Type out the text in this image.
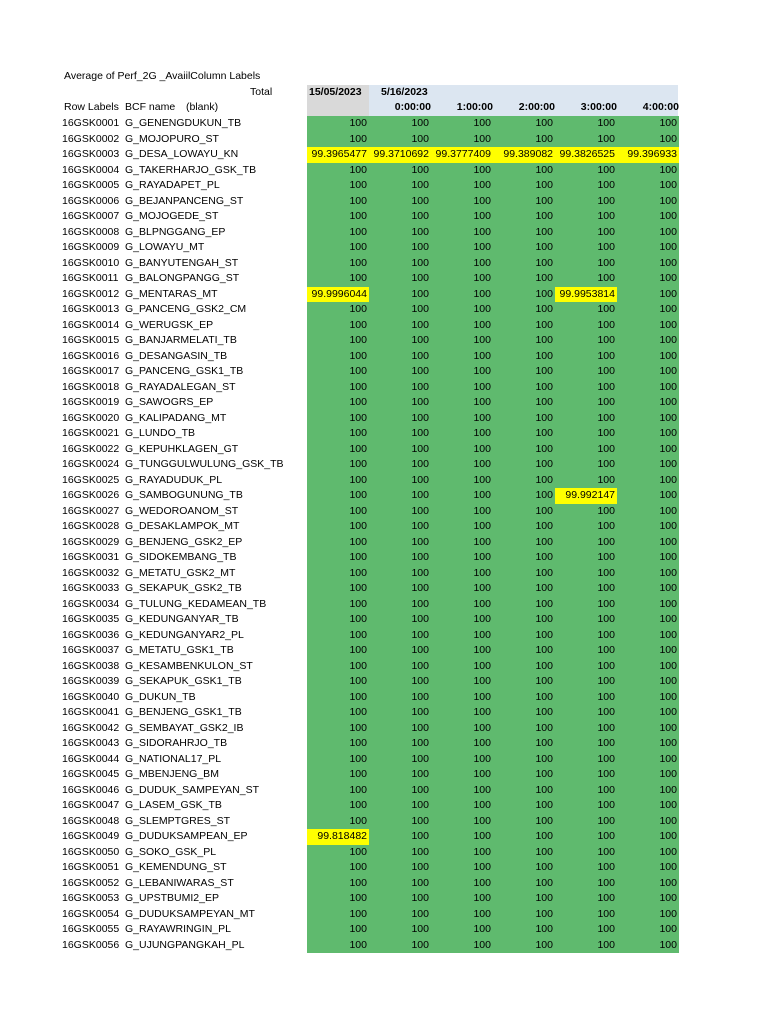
Average of Perf_2G _AvaiilColumn Labels
Total	15/05/2023 5/16/2023
Row Labels BCF name (blank)	0:00:00	1:00:00	2:00:00	3:00:00	4:00:00
16GSK0001 G_GENENGDUKUN_TB	100	100	100	100	100	100
16GSK0002 G_MOJOPURO_ST	100	100	100	100	100	100
16GSK0003 G_DESA_LOWAYU_KN	99.3965477 99.3710692 99.3777409	99.389082 99.3826525	99.396933
16GSK0004 G_TAKERHARJO_GSK_TB	100	100	100	100	100	100
16GSK0005 G_RAYADAPET_PL	100	100	100	100	100	100
16GSK0006 G_BEJANPANCENG_ST	100	100	100	100	100	100
16GSK0007 G_MOJOGEDE_ST	100	100	100	100	100	100
16GSK0008 G_BLPNGGANG_EP	100	100	100	100	100	100
16GSK0009 G_LOWAYU_MT	100	100	100	100	100	100
16GSK0010 G_BANYUTENGAH_ST	100	100	100	100	100	100
16GSK0011 G_BALONGPANGG_ST	100	100	100	100	100	100
16GSK0012 G_MENTARAS_MT	99.9996044	100	100	100 99.9953814	100
16GSK0013 G_PANCENG_GSK2_CM	100	100	100	100	100	100
16GSK0014 G_WERUGSK_EP	100	100	100	100	100	100
16GSK0015 G_BANJARMELATI_TB	100	100	100	100	100	100
16GSK0016 G_DESANGASIN_TB	100	100	100	100	100	100
16GSK0017 G_PANCENG_GSK1_TB	100	100	100	100	100	100
16GSK0018 G_RAYADALEGAN_ST	100	100	100	100	100	100
16GSK0019 G_SAWOGRS_EP	100	100	100	100	100	100
16GSK0020 G_KALIPADANG_MT	100	100	100	100	100	100
16GSK0021 G_LUNDO_TB	100	100	100	100	100	100
16GSK0022 G_KEPUHKLAGEN_GT	100	100	100	100	100	100
16GSK0024 G_TUNGGULWULUNG_GSK_TB	100	100	100	100	100	100
16GSK0025 G_RAYADUDUK_PL	100	100	100	100	100	100
16GSK0026 G_SAMBOGUNUNG_TB	100	100	100	100	99.992147	100
16GSK0027 G_WEDOROANOM_ST	100	100	100	100	100	100
16GSK0028 G_DESAKLAMPOK_MT	100	100	100	100	100	100
16GSK0029 G_BENJENG_GSK2_EP	100	100	100	100	100	100
16GSK0031 G_SIDOKEMBANG_TB	100	100	100	100	100	100
16GSK0032 G_METATU_GSK2_MT	100	100	100	100	100	100
16GSK0033 G_SEKAPUK_GSK2_TB	100	100	100	100	100	100
16GSK0034 G_TULUNG_KEDAMEAN_TB	100	100	100	100	100	100
16GSK0035 G_KEDUNGANYAR_TB	100	100	100	100	100	100
16GSK0036 G_KEDUNGANYAR2_PL	100	100	100	100	100	100
16GSK0037 G_METATU_GSK1_TB	100	100	100	100	100	100
16GSK0038 G_KESAMBENKULON_ST	100	100	100	100	100	100
16GSK0039 G_SEKAPUK_GSK1_TB	100	100	100	100	100	100
16GSK0040 G_DUKUN_TB	100	100	100	100	100	100
16GSK0041 G_BENJENG_GSK1_TB	100	100	100	100	100	100
16GSK0042 G_SEMBAYAT_GSK2_IB	100	100	100	100	100	100
16GSK0043 G_SIDORAHRJO_TB	100	100	100	100	100	100
16GSK0044 G_NATIONAL17_PL	100	100	100	100	100	100
16GSK0045 G_MBENJENG_BM	100	100	100	100	100	100
16GSK0046 G_DUDUK_SAMPEYAN_ST	100	100	100	100	100	100
16GSK0047 G_LASEM_GSK_TB	100	100	100	100	100	100
16GSK0048 G_SLEMPTGRES_ST	100	100	100	100	100	100
16GSK0049 G_DUDUKSAMPEAN_EP	99.818482	100	100	100	100	100
16GSK0050 G_SOKO_GSK_PL	100	100	100	100	100	100
16GSK0051 G_KEMENDUNG_ST	100	100	100	100	100	100
16GSK0052 G_LEBANIWARAS_ST	100	100	100	100	100	100
16GSK0053 G_UPSTBUMI2_EP	100	100	100	100	100	100
16GSK0054 G_DUDUKSAMPEYAN_MT	100	100	100	100	100	100
16GSK0055 G_RAYAWRINGIN_PL	100	100	100	100	100	100
16GSK0056 G_UJUNGPANGKAH_PL	100	100	100	100	100	100
